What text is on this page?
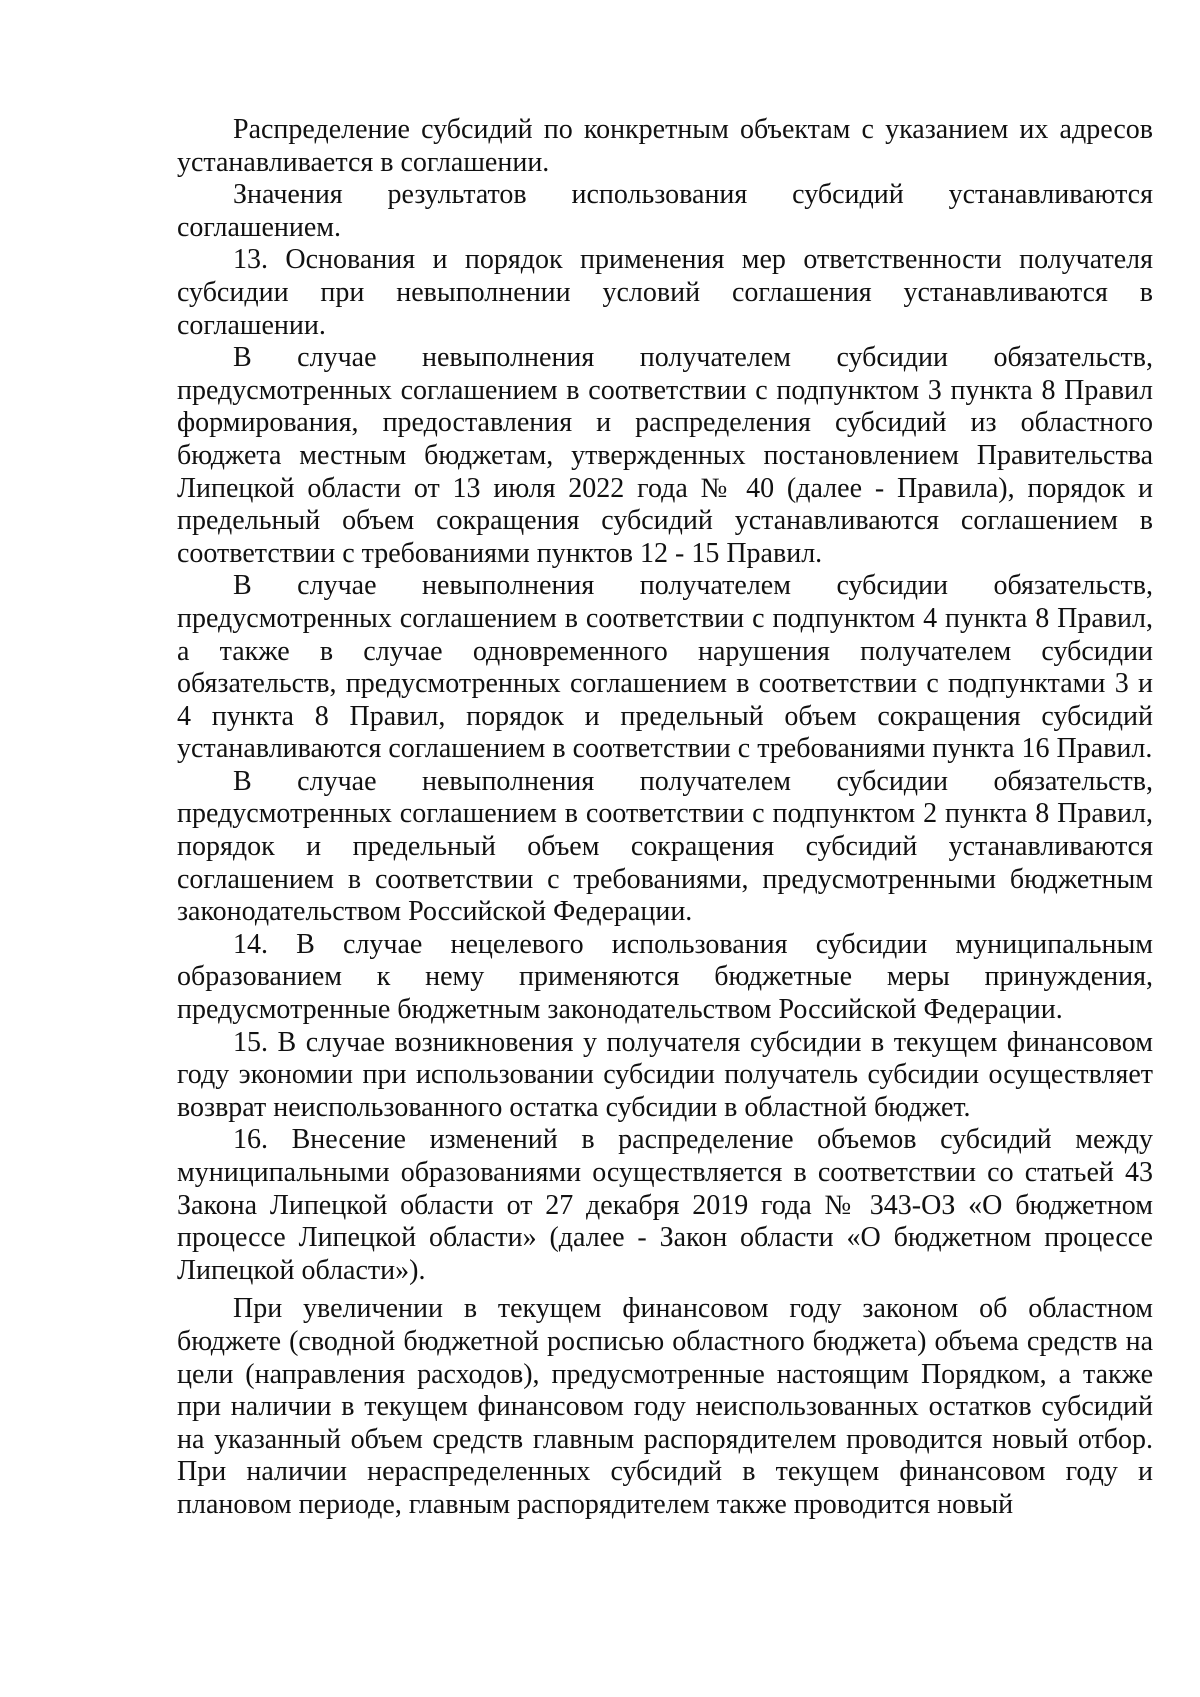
Распределение субсидий по конкретным объектам с указанием их адресов устанавливается в соглашении.

Значения результатов использования субсидий устанавливаются соглашением.

13. Основания и порядок применения мер ответственности получателя субсидии при невыполнении условий соглашения устанавливаются в соглашении.

В случае невыполнения получателем субсидии обязательств, предусмотренных соглашением в соответствии с подпунктом 3 пункта 8 Правил формирования, предоставления и распределения субсидий из областного бюджета местным бюджетам, утвержденных постановлением Правительства Липецкой области от 13 июля 2022 года № 40 (далее - Правила), порядок и предельный объем сокращения субсидий устанавливаются соглашением в соответствии с требованиями пунктов 12 - 15 Правил.

В случае невыполнения получателем субсидии обязательств, предусмотренных соглашением в соответствии с подпунктом 4 пункта 8 Правил, а также в случае одновременного нарушения получателем субсидии обязательств, предусмотренных соглашением в соответствии с подпунктами 3 и 4 пункта 8 Правил, порядок и предельный объем сокращения субсидий устанавливаются соглашением в соответствии с требованиями пункта 16 Правил.

В случае невыполнения получателем субсидии обязательств, предусмотренных соглашением в соответствии с подпунктом 2 пункта 8 Правил, порядок и предельный объем сокращения субсидий устанавливаются соглашением в соответствии с требованиями, предусмотренными бюджетным законодательством Российской Федерации.

14. В случае нецелевого использования субсидии муниципальным образованием к нему применяются бюджетные меры принуждения, предусмотренные бюджетным законодательством Российской Федерации.

15. В случае возникновения у получателя субсидии в текущем финансовом году экономии при использовании субсидии получатель субсидии осуществляет возврат неиспользованного остатка субсидии в областной бюджет.

16. Внесение изменений в распределение объемов субсидий между муниципальными образованиями осуществляется в соответствии со статьей 43 Закона Липецкой области от 27 декабря 2019 года № 343-ОЗ «О бюджетном процессе Липецкой области» (далее - Закон области «О бюджетном процессе Липецкой области»).

При увеличении в текущем финансовом году законом об областном бюджете (сводной бюджетной росписью областного бюджета) объема средств на цели (направления расходов), предусмотренные настоящим Порядком, а также при наличии в текущем финансовом году неиспользованных остатков субсидий на указанный объем средств главным распорядителем проводится новый отбор. При наличии нераспределенных субсидий в текущем финансовом году и плановом периоде, главным распорядителем также проводится новый
